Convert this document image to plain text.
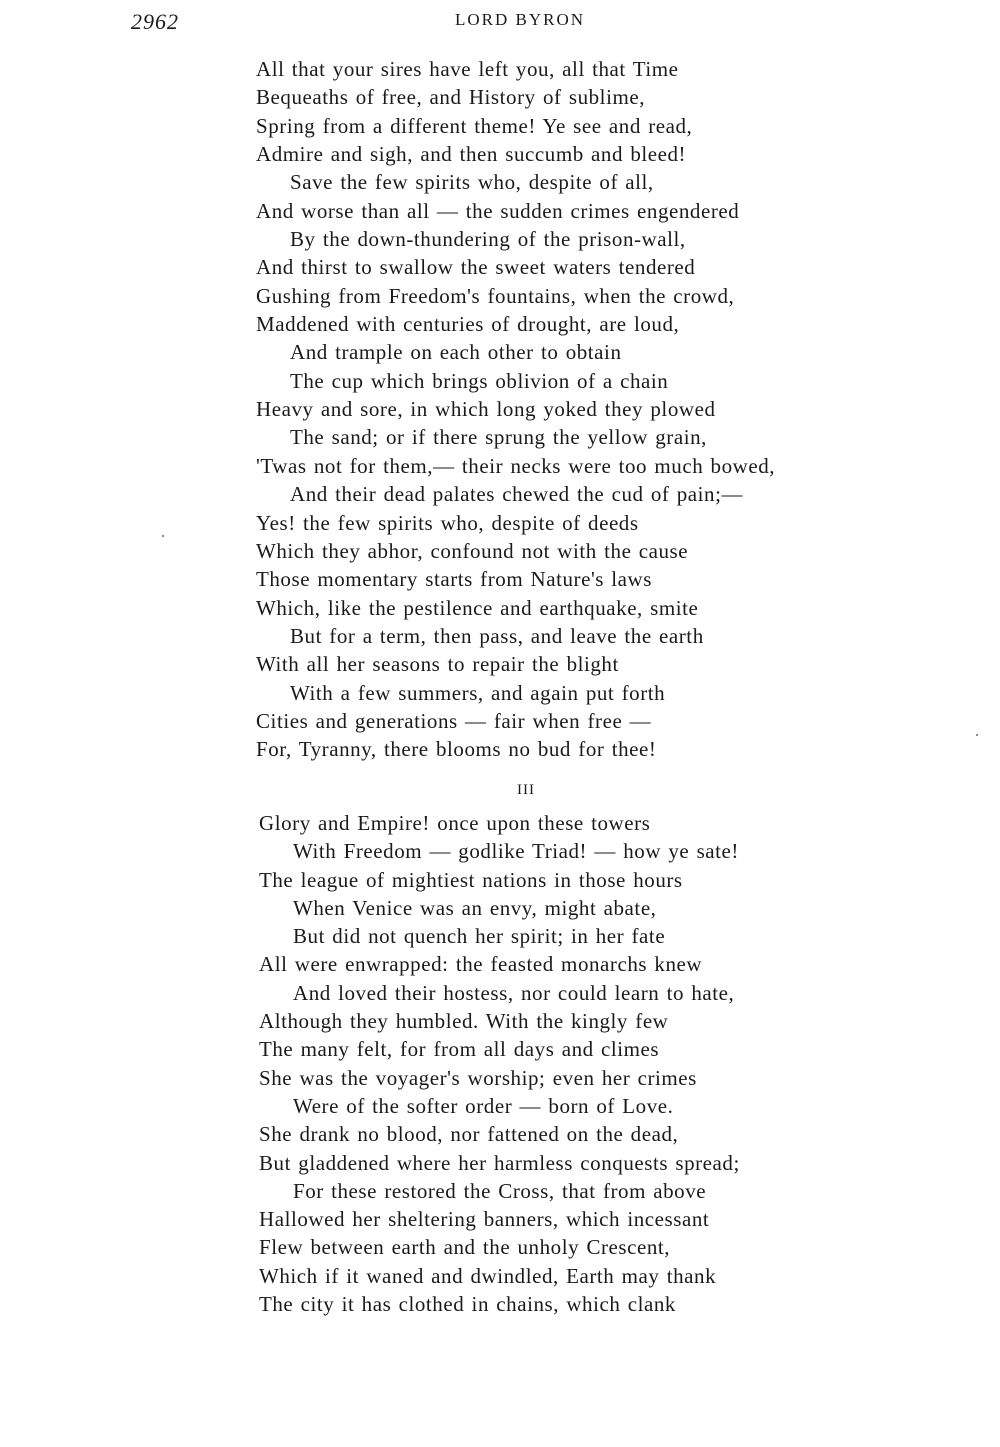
2962	LORD BYRON
All that your sires have left you, all that Time
Bequeaths of free, and History of sublime,
Spring from a different theme! Ye see and read,
Admire and sigh, and then succumb and bleed!
Save the few spirits who, despite of all,
And worse than all — the sudden crimes engendered
By the down-thundering of the prison-wall,
And thirst to swallow the sweet waters tendered
Gushing from Freedom's fountains, when the crowd,
Maddened with centuries of drought, are loud,
And trample on each other to obtain
The cup which brings oblivion of a chain
Heavy and sore, in which long yoked they plowed
The sand; or if there sprung the yellow grain,
'Twas not for them,— their necks were too much bowed,
And their dead palates chewed the cud of pain;—
Yes! the few spirits who, despite of deeds
Which they abhor, confound not with the cause
Those momentary starts from Nature's laws
Which, like the pestilence and earthquake, smite
But for a term, then pass, and leave the earth
With all her seasons to repair the blight
With a few summers, and again put forth
Cities and generations — fair when free —
For, Tyranny, there blooms no bud for thee!
III
Glory and Empire! once upon these towers
With Freedom — godlike Triad! — how ye sate!
The league of mightiest nations in those hours
When Venice was an envy, might abate,
But did not quench her spirit; in her fate
All were enwrapped: the feasted monarchs knew
And loved their hostess, nor could learn to hate,
Although they humbled. With the kingly few
The many felt, for from all days and climes
She was the voyager's worship; even her crimes
Were of the softer order — born of Love.
She drank no blood, nor fattened on the dead,
But gladdened where her harmless conquests spread;
For these restored the Cross, that from above
Hallowed her sheltering banners, which incessant
Flew between earth and the unholy Crescent,
Which if it waned and dwindled, Earth may thank
The city it has clothed in chains, which clank
